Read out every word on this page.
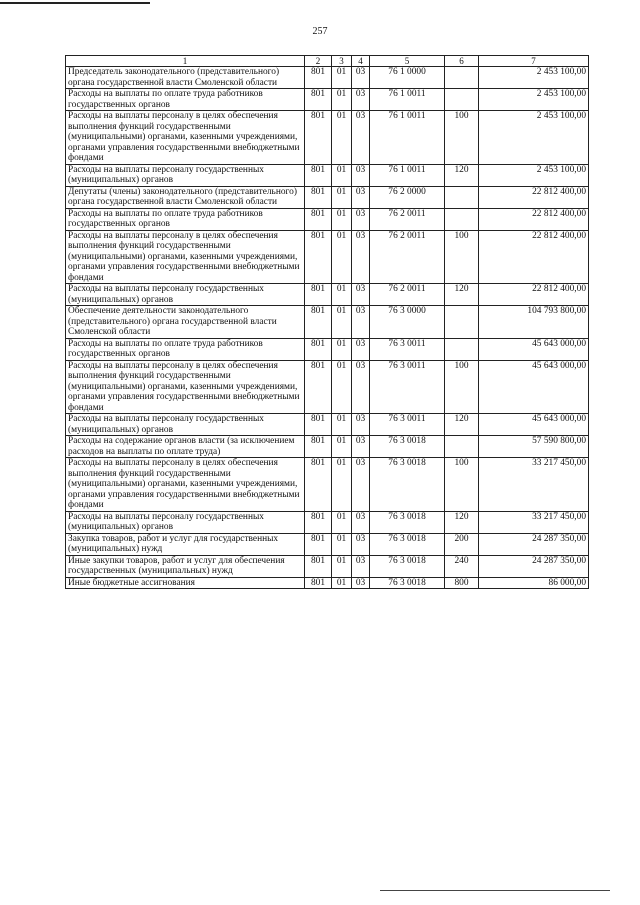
257
1	2	3	4	5	6	7
Председатель законодательного (представительного) органа государственной власти Смоленской области	801	01	03	76 1 0000		2 453 100,00
Расходы на выплаты по оплате труда работников государственных органов	801	01	03	76 1 0011		2 453 100,00
Расходы на выплаты персоналу в целях обеспечения выполнения функций государственными (муниципальными) органами, казенными учреждениями, органами управления государственными внебюджетными фондами	801	01	03	76 1 0011	100	2 453 100,00
Расходы на выплаты персоналу государственных (муниципальных) органов	801	01	03	76 1 0011	120	2 453 100,00
Депутаты (члены) законодательного (представительного) органа государственной власти Смоленской области	801	01	03	76 2 0000		22 812 400,00
Расходы на выплаты по оплате труда работников государственных органов	801	01	03	76 2 0011		22 812 400,00
Расходы на выплаты персоналу в целях обеспечения выполнения функций государственными (муниципальными) органами, казенными учреждениями, органами управления государственными внебюджетными фондами	801	01	03	76 2 0011	100	22 812 400,00
Расходы на выплаты персоналу государственных (муниципальных) органов	801	01	03	76 2 0011	120	22 812 400,00
Обеспечение деятельности законодательного (представительного) органа государственной власти Смоленской области	801	01	03	76 3 0000		104 793 800,00
Расходы на выплаты по оплате труда работников государственных органов	801	01	03	76 3 0011		45 643 000,00
Расходы на выплаты персоналу в целях обеспечения выполнения функций государственными (муниципальными) органами, казенными учреждениями, органами управления государственными внебюджетными фондами	801	01	03	76 3 0011	100	45 643 000,00
Расходы на выплаты персоналу государственных (муниципальных) органов	801	01	03	76 3 0011	120	45 643 000,00
Расходы на содержание органов власти (за исключением расходов на выплаты по оплате труда)	801	01	03	76 3 0018		57 590 800,00
Расходы на выплаты персоналу в целях обеспечения выполнения функций государственными (муниципальными) органами, казенными учреждениями, органами управления государственными внебюджетными фондами	801	01	03	76 3 0018	100	33 217 450,00
Расходы на выплаты персоналу государственных (муниципальных) органов	801	01	03	76 3 0018	120	33 217 450,00
Закупка товаров, работ и услуг для государственных (муниципальных) нужд	801	01	03	76 3 0018	200	24 287 350,00
Иные закупки товаров, работ и услуг для обеспечения государственных (муниципальных) нужд	801	01	03	76 3 0018	240	24 287 350,00
Иные бюджетные ассигнования	801	01	03	76 3 0018	800	86 000,00
